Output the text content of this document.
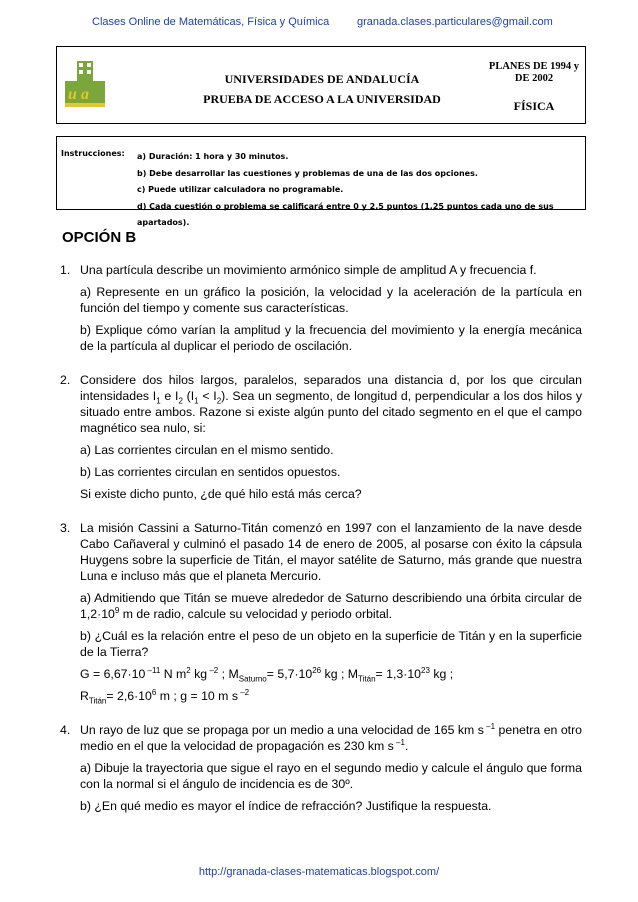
Clases Online de Matemáticas, Física y Química	granada.clases.particulares@gmail.com
u a
UNIVERSIDADES DE ANDALUCÍA
PRUEBA DE ACCESO A LA UNIVERSIDAD
PLANES DE 1994 y
DE 2002
FÍSICA
Instrucciones: a) Duración: 1 hora y 30 minutos.
b) Debe desarrollar las cuestiones y problemas de una de las dos opciones.
c) Puede utilizar calculadora no programable.
d) Cada cuestión o problema se calificará entre 0 y 2,5 puntos (1,25 puntos cada uno de sus apartados).
OPCIÓN B
1. Una partícula describe un movimiento armónico simple de amplitud A y frecuencia f.

a) Represente en un gráfico la posición, la velocidad y la aceleración de la partícula en función del tiempo y comente sus características.

b) Explique cómo varían la amplitud y la frecuencia del movimiento y la energía mecánica de la partícula al duplicar el periodo de oscilación.

2. Considere dos hilos largos, paralelos, separados una distancia d, por los que circulan intensidades $I_1$ e $I_2$ $(I_1 < I_2)$. Sea un segmento, de longitud d, perpendicular a los dos hilos y situado entre ambos. Razone si existe algún punto del citado segmento en el que el campo magnético sea nulo, si:

a) Las corrientes circulan en el mismo sentido.

b) Las corrientes circulan en sentidos opuestos.

Si existe dicho punto, ¿de qué hilo está más cerca?

3. La misión Cassini a Saturno-Titán comenzó en 1997 con el lanzamiento de la nave desde Cabo Cañaveral y culminó el pasado 14 de enero de 2005, al posarse con éxito la cápsula Huygens sobre la superficie de Titán, el mayor satélite de Saturno, más grande que nuestra Luna e incluso más que el planeta Mercurio.

a) Admitiendo que Titán se mueve alrededor de Saturno describiendo una órbita circular de $1,2\cdot 10^9$ m de radio, calcule su velocidad y periodo orbital.

b) ¿Cuál es la relación entre el peso de un objeto en la superficie de Titán y en la superficie de la Tierra?

G = 6,67·10 $^{-11}$ N $m^2$ kg $^{-2}$ ; $M_{Saturno}= 5,7\cdot 10^{26}$ kg ; $M_{Titán}= 1,3\cdot 10^{23}$ kg ;

$R_{Titán}= 2,6\cdot 10^6$ m ; g = 10 m s $^{-2}$

4. Un rayo de luz que se propaga por un medio a una velocidad de 165 km s $^{-1}$ penetra en otro medio en el que la velocidad de propagación es 230 km s $^{-1}$.

a) Dibuje la trayectoria que sigue el rayo en el segundo medio y calcule el ángulo que forma con la normal si el ángulo de incidencia es de 30º.

b) ¿En qué medio es mayor el índice de refracción? Justifique la respuesta.

http://granada-clases-matematicas.blogspot.com/
